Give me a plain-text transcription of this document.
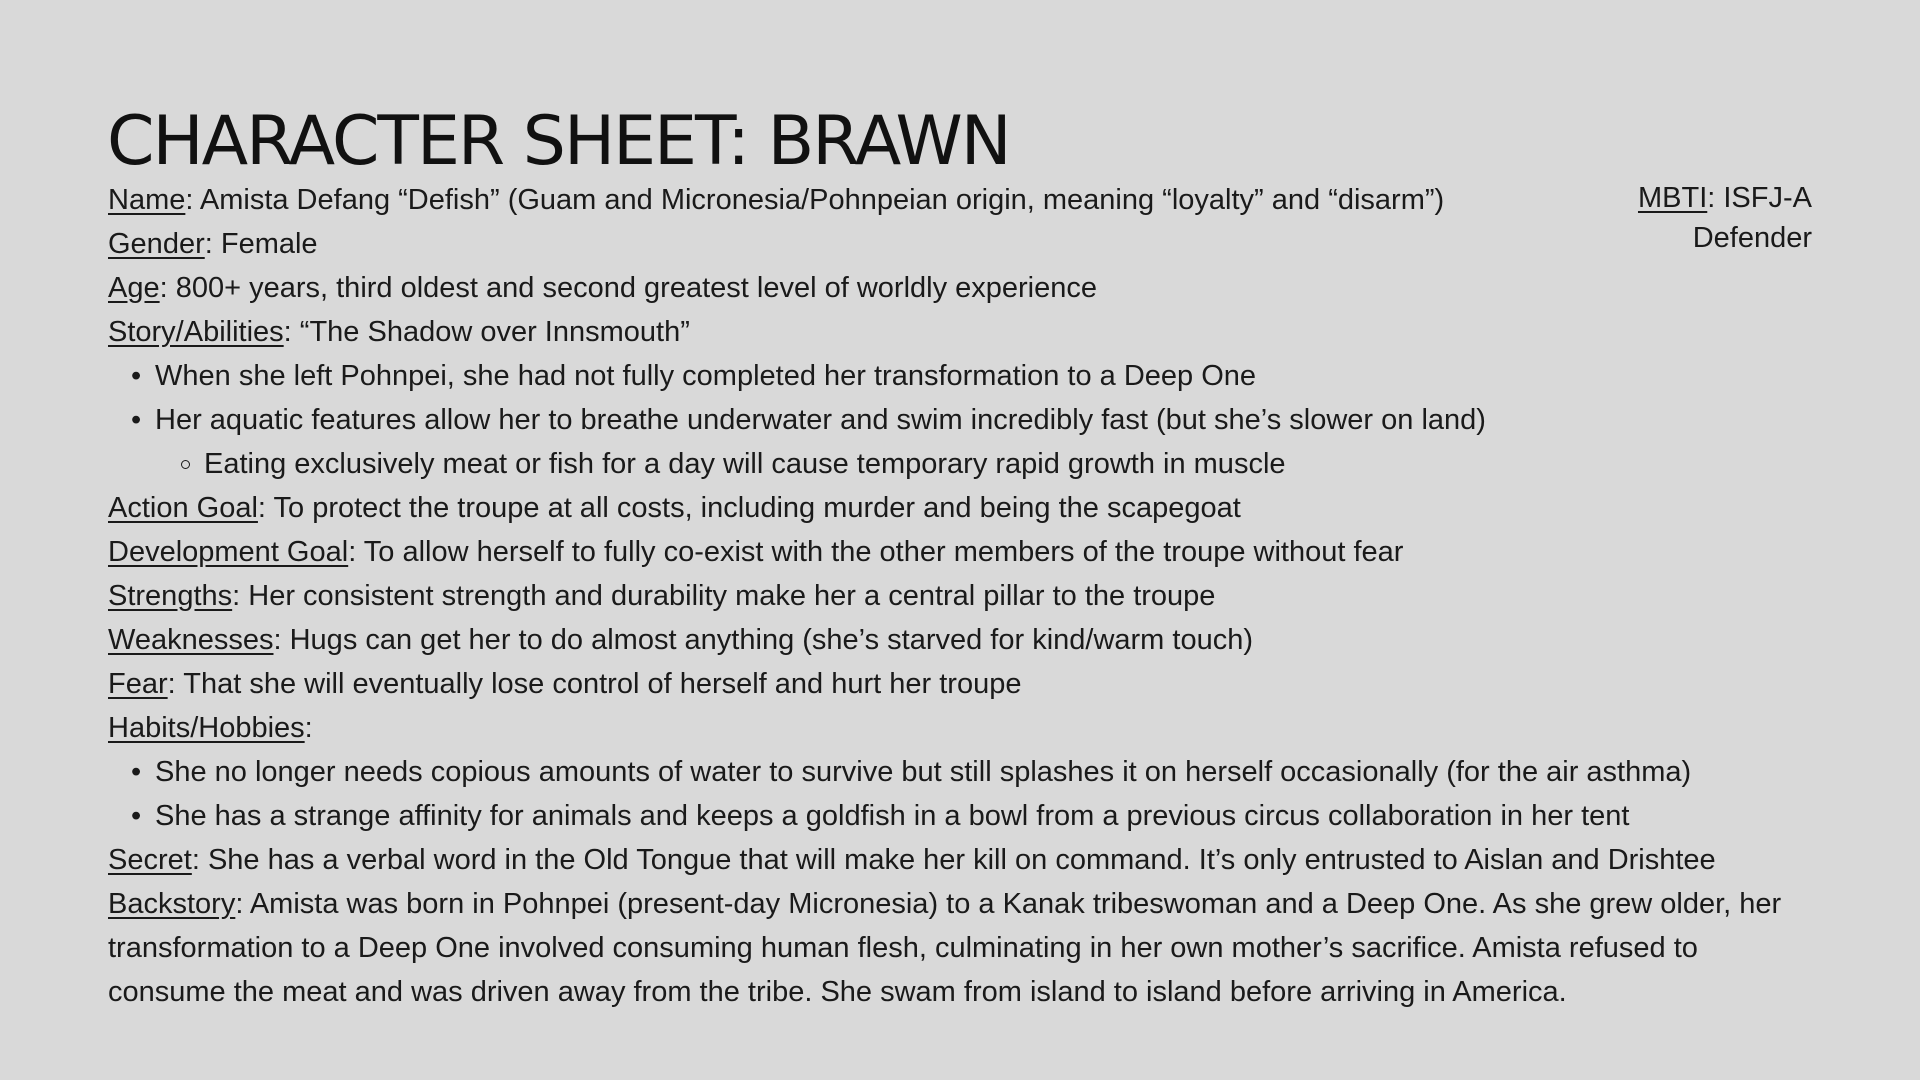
CHARACTER SHEET: BRAWN
MBTI: ISFJ-A
Defender

Name: Amista Defang “Defish” (Guam and Micronesia/Pohnpeian origin, meaning “loyalty” and “disarm”)

Gender: Female

Age: 800+ years, third oldest and second greatest level of worldly experience

Story/Abilities: “The Shadow over Innsmouth”

• When she left Pohnpei, she had not fully completed her transformation to a Deep One
• Her aquatic features allow her to breathe underwater and swim incredibly fast (but she’s slower on land)
Eating exclusively meat or fish for a day will cause temporary rapid growth in muscle

Action Goal: To protect the troupe at all costs, including murder and being the scapegoat

Development Goal: To allow herself to fully co-exist with the other members of the troupe without fear

Strengths: Her consistent strength and durability make her a central pillar to the troupe

Weaknesses: Hugs can get her to do almost anything (she’s starved for kind/warm touch)

Fear: That she will eventually lose control of herself and hurt her troupe

Habits/Hobbies:

• She no longer needs copious amounts of water to survive but still splashes it on herself occasionally (for the air asthma)
• She has a strange affinity for animals and keeps a goldfish in a bowl from a previous circus collaboration in her tent

Secret: She has a verbal word in the Old Tongue that will make her kill on command. It’s only entrusted to Aislan and Drishtee

Backstory: Amista was born in Pohnpei (present-day Micronesia) to a Kanak tribeswoman and a Deep One. As she grew older, her transformation to a Deep One involved consuming human flesh, culminating in her own mother’s sacrifice. Amista refused to consume the meat and was driven away from the tribe. She swam from island to island before arriving in America.
